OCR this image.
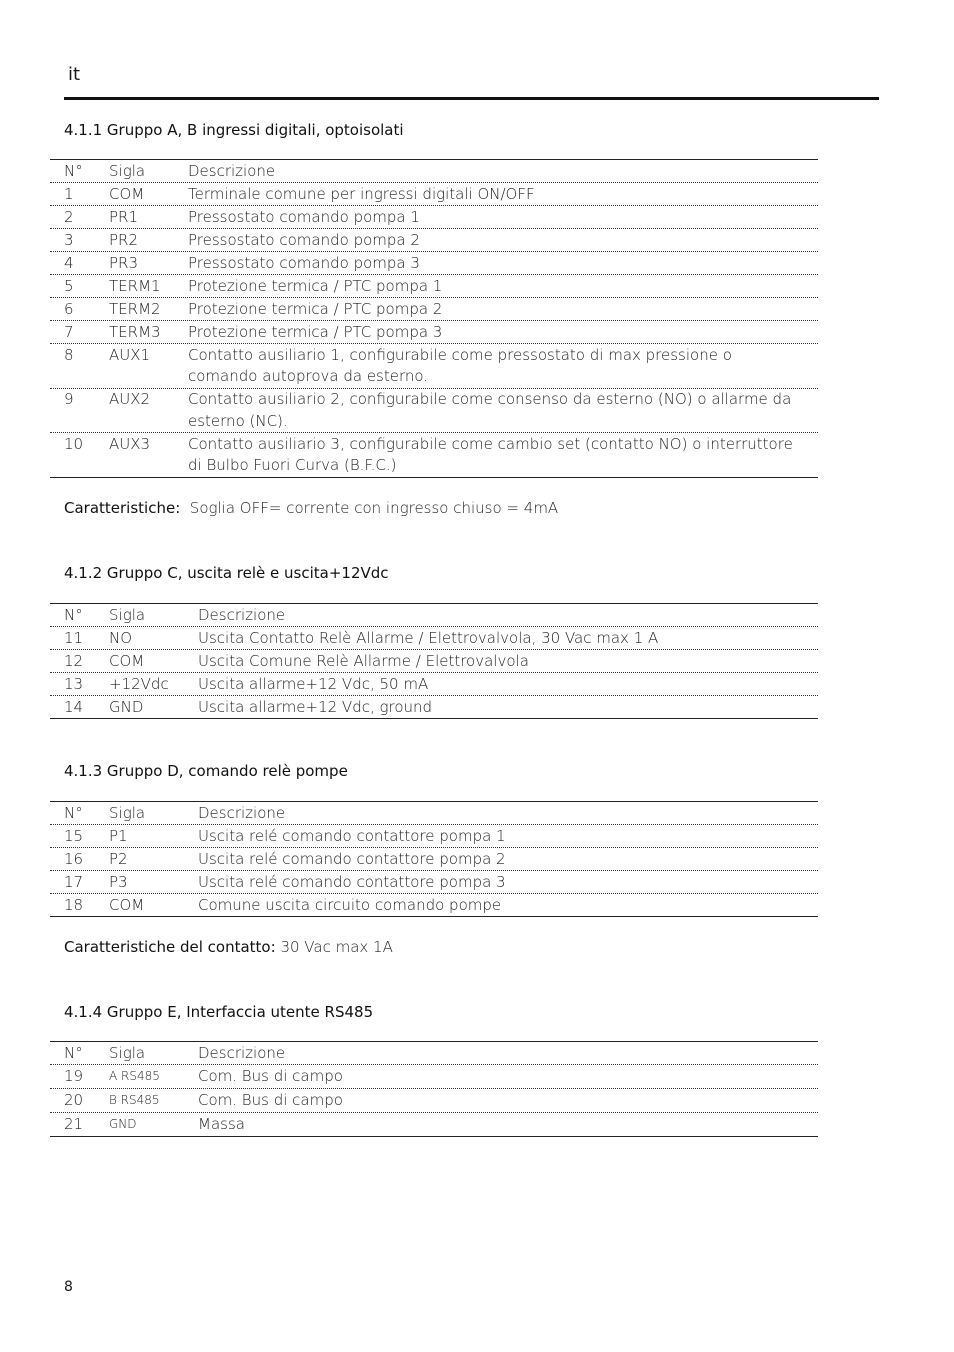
it
4.1.1 Gruppo A, B ingressi digitali, optoisolati
N°	Sigla	Descrizione
1	COM	Terminale comune per ingressi digitali ON/OFF
2	PR1	Pressostato comando pompa 1
3	PR2	Pressostato comando pompa 2
4	PR3	Pressostato comando pompa 3
5	TERM1	Protezione termica / PTC pompa 1
6	TERM2	Protezione termica / PTC pompa 2
7	TERM3	Protezione termica / PTC pompa 3
8	AUX1	Contatto ausiliario 1, configurabile come pressostato di max pressione o comando autoprova da esterno.
9	AUX2	Contatto ausiliario 2, configurabile come consenso da esterno (NO) o allarme da esterno (NC).
10	AUX3	Contatto ausiliario 3, configurabile come cambio set (contatto NO) o interruttore di Bulbo Fuori Curva (B.F.C.)
Caratteristiche: Soglia OFF= corrente con ingresso chiuso = 4mA
4.1.2 Gruppo C, uscita relè e uscita+12Vdc
N°	Sigla	Descrizione
11	NO	Uscita Contatto Relè Allarme / Elettrovalvola, 30 Vac max 1 A
12	COM	Uscita Comune Relè Allarme / Elettrovalvola
13	+12Vdc	Uscita allarme+12 Vdc, 50 mA
14	GND	Uscita allarme+12 Vdc, ground
4.1.3 Gruppo D, comando relè pompe
N°	Sigla	Descrizione
15	P1	Uscita relé comando contattore pompa 1
16	P2	Uscita relé comando contattore pompa 2
17	P3	Uscita relé comando contattore pompa 3
18	COM	Comune uscita circuito comando pompe
Caratteristiche del contatto: 30 Vac max 1A
4.1.4 Gruppo E, Interfaccia utente RS485
N°	Sigla	Descrizione
19	A RS485	Com. Bus di campo
20	B RS485	Com. Bus di campo
21	GND	Massa
8
